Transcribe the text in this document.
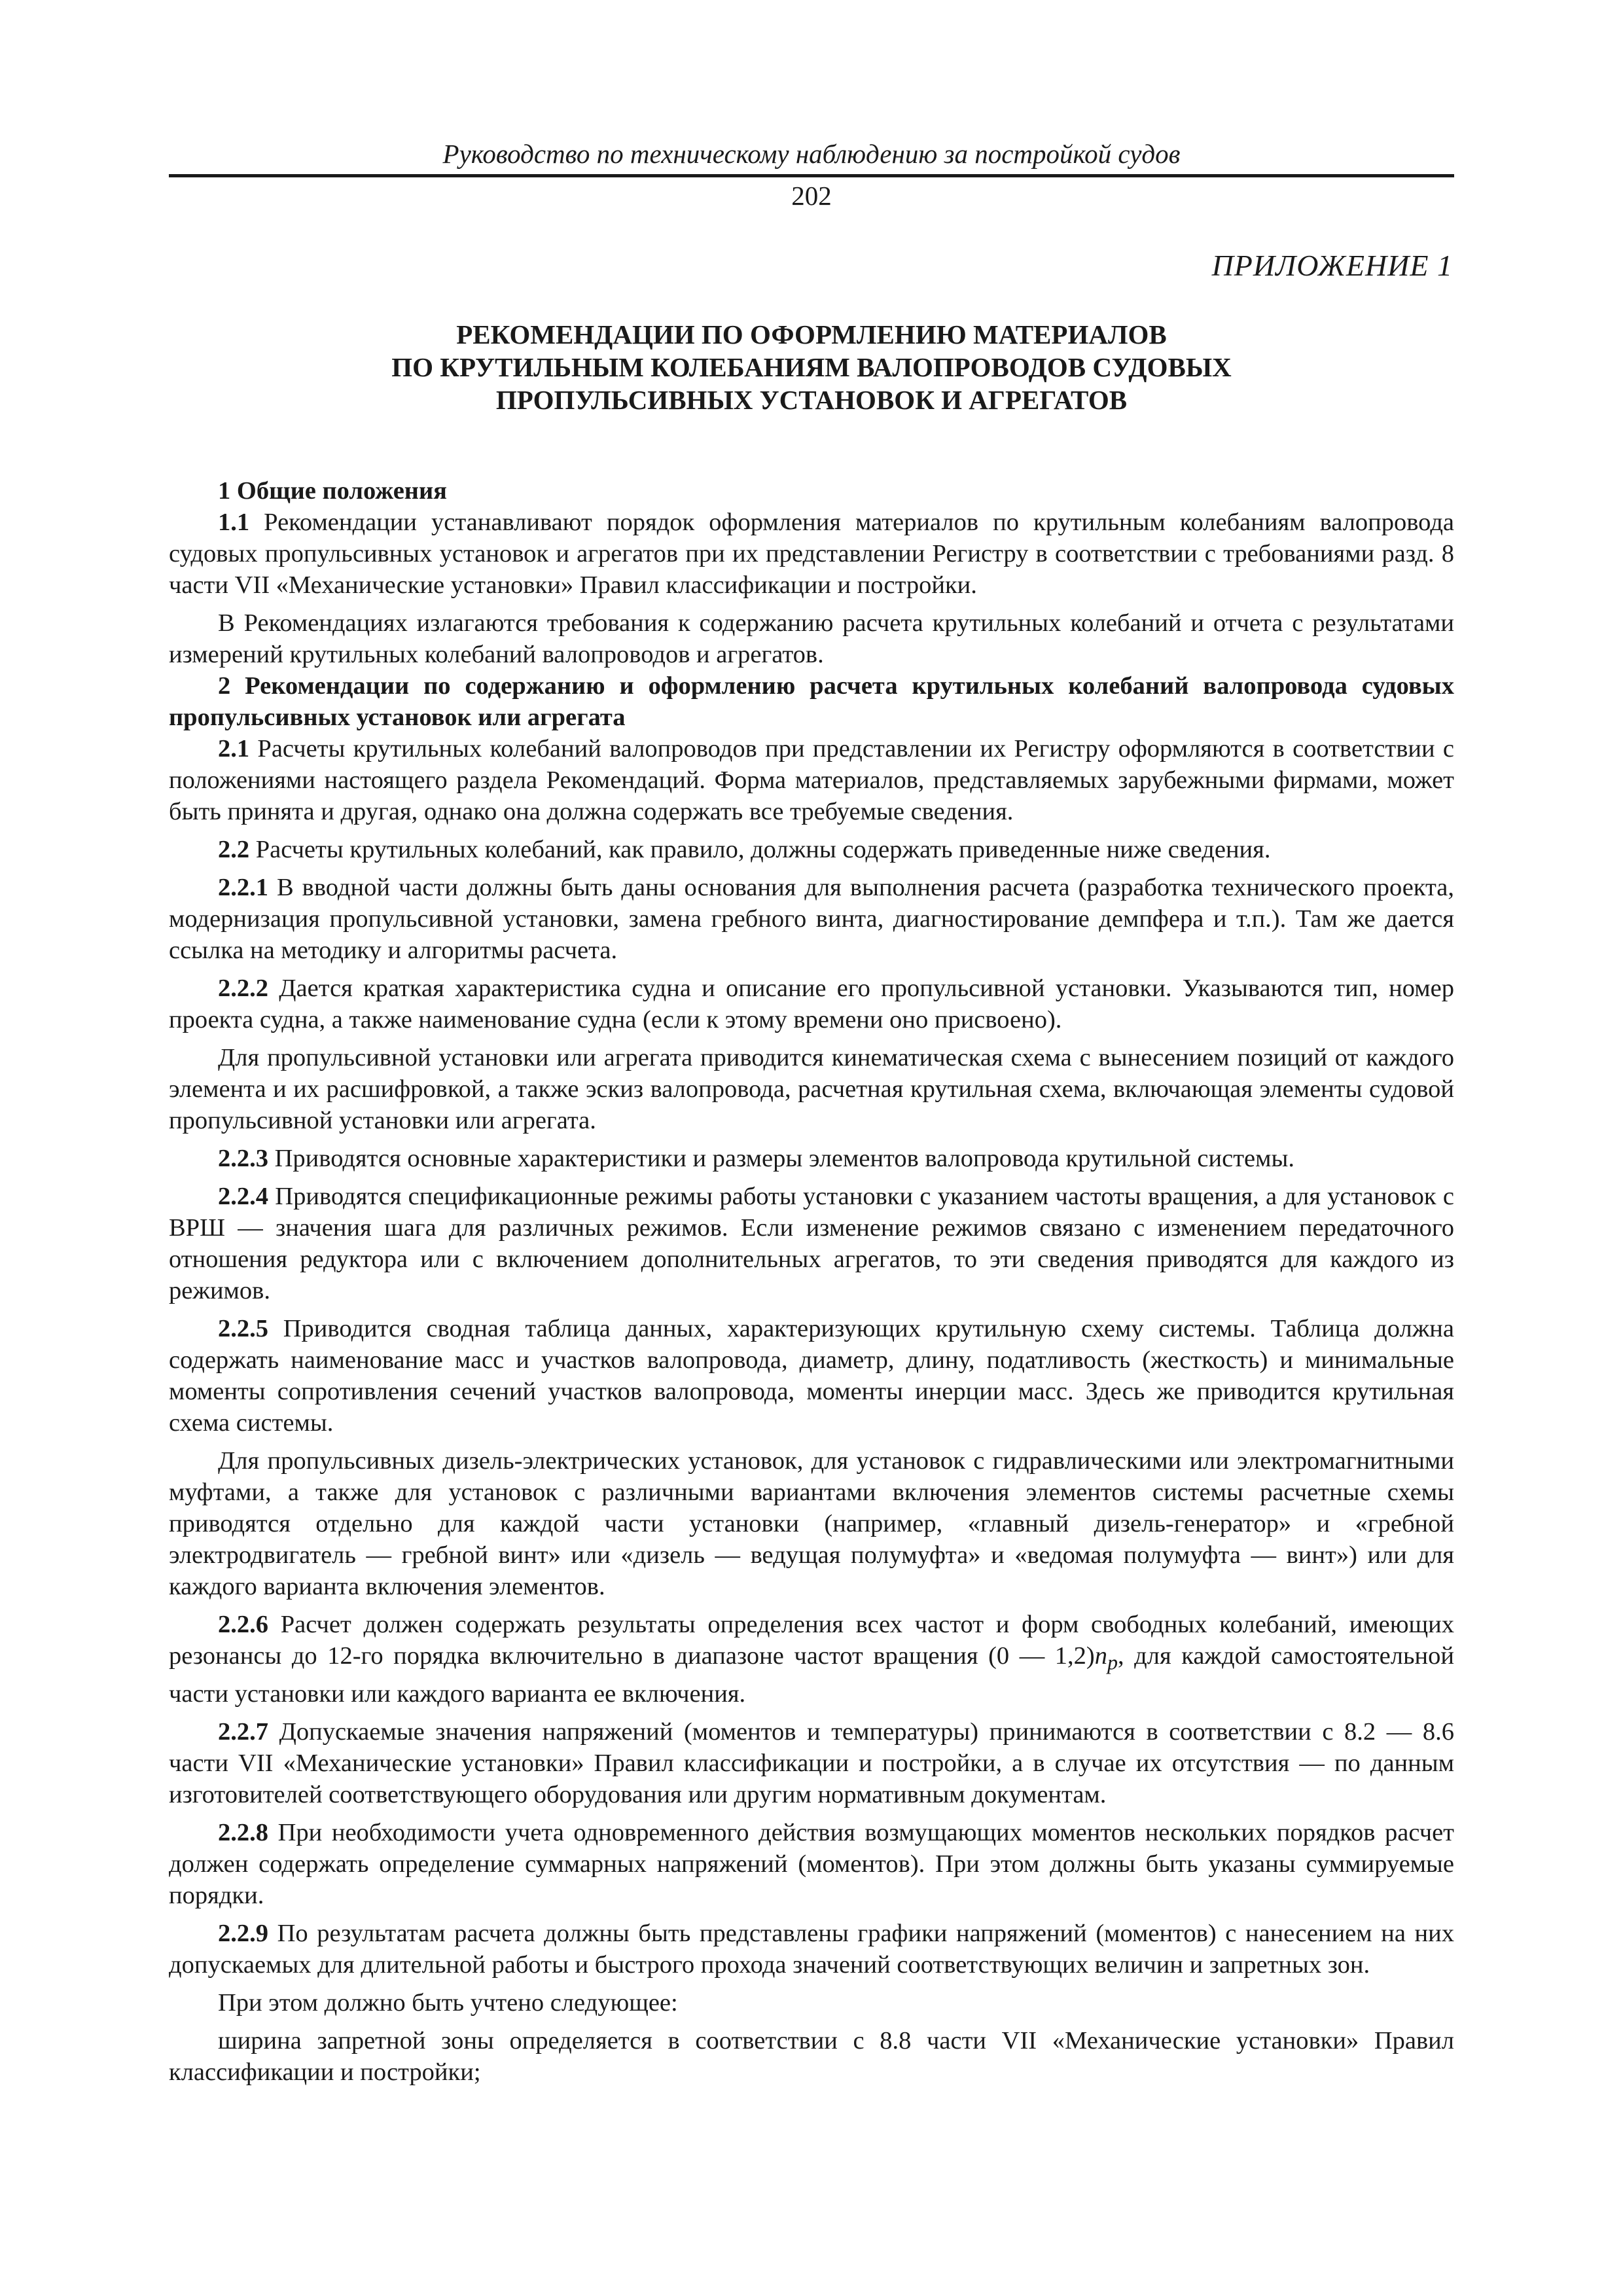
Руководство по техническому наблюдению за постройкой судов
202
ПРИЛОЖЕНИЕ 1
РЕКОМЕНДАЦИИ ПО ОФОРМЛЕНИЮ МАТЕРИАЛОВ
ПО КРУТИЛЬНЫМ КОЛЕБАНИЯМ ВАЛОПРОВОДОВ СУДОВЫХ
ПРОПУЛЬСИВНЫХ УСТАНОВОК И АГРЕГАТОВ

1 Общие положения

1.1 Рекомендации устанавливают порядок оформления материалов по крутильным колебаниям валопровода судовых пропульсивных установок и агрегатов при их представлении Регистру в соответствии с требованиями разд. 8 части VII «Механические установки» Правил классификации и постройки.

В Рекомендациях излагаются требования к содержанию расчета крутильных колебаний и отчета с результатами измерений крутильных колебаний валопроводов и агрегатов.

2 Рекомендации по содержанию и оформлению расчета крутильных колебаний валопровода судовых пропульсивных установок или агрегата

2.1 Расчеты крутильных колебаний валопроводов при представлении их Регистру оформляются в соответствии с положениями настоящего раздела Рекомендаций. Форма материалов, представляемых зарубежными фирмами, может быть принята и другая, однако она должна содержать все требуемые сведения.

2.2 Расчеты крутильных колебаний, как правило, должны содержать приведенные ниже сведения.

2.2.1 В вводной части должны быть даны основания для выполнения расчета (разработка технического проекта, модернизация пропульсивной установки, замена гребного винта, диагностирование демпфера и т.п.). Там же дается ссылка на методику и алгоритмы расчета.

2.2.2 Дается краткая характеристика судна и описание его пропульсивной установки. Указываются тип, номер проекта судна, а также наименование судна (если к этому времени оно присвоено).

Для пропульсивной установки или агрегата приводится кинематическая схема с вынесением позиций от каждого элемента и их расшифровкой, а также эскиз валопровода, расчетная крутильная схема, включающая элементы судовой пропульсивной установки или агрегата.

2.2.3 Приводятся основные характеристики и размеры элементов валопровода крутильной системы.

2.2.4 Приводятся спецификационные режимы работы установки с указанием частоты вращения, а для установок с ВРШ — значения шага для различных режимов. Если изменение режимов связано с изменением передаточного отношения редуктора или с включением дополнительных агрегатов, то эти сведения приводятся для каждого из режимов.

2.2.5 Приводится сводная таблица данных, характеризующих крутильную схему системы. Таблица должна содержать наименование масс и участков валопровода, диаметр, длину, податливость (жесткость) и минимальные моменты сопротивления сечений участков валопровода, моменты инерции масс. Здесь же приводится крутильная схема системы.

Для пропульсивных дизель-электрических установок, для установок с гидравлическими или электромагнитными муфтами, а также для установок с различными вариантами включения элементов системы расчетные схемы приводятся отдельно для каждой части установки (например, «главный дизель-генератор» и «гребной электродвигатель — гребной винт» или «дизель — ведущая полумуфта» и «ведомая полумуфта — винт») или для каждого варианта включения элементов.

2.2.6 Расчет должен содержать результаты определения всех частот и форм свободных колебаний, имеющих резонансы до 12-го порядка включительно в диапазоне частот вращения (0 — $1,2)n_p$, для каждой самостоятельной части установки или каждого варианта ее включения.

2.2.7 Допускаемые значения напряжений (моментов и температуры) принимаются в соответствии с 8.2 — 8.6 части VII «Механические установки» Правил классификации и постройки, а в случае их отсутствия — по данным изготовителей соответствующего оборудования или другим нормативным документам.

2.2.8 При необходимости учета одновременного действия возмущающих моментов нескольких порядков расчет должен содержать определение суммарных напряжений (моментов). При этом должны быть указаны суммируемые порядки.

2.2.9 По результатам расчета должны быть представлены графики напряжений (моментов) с нанесением на них допускаемых для длительной работы и быстрого прохода значений соответствующих величин и запретных зон.

При этом должно быть учтено следующее:

ширина запретной зоны определяется в соответствии с 8.8 части VII «Механические установки» Правил классификации и постройки;
